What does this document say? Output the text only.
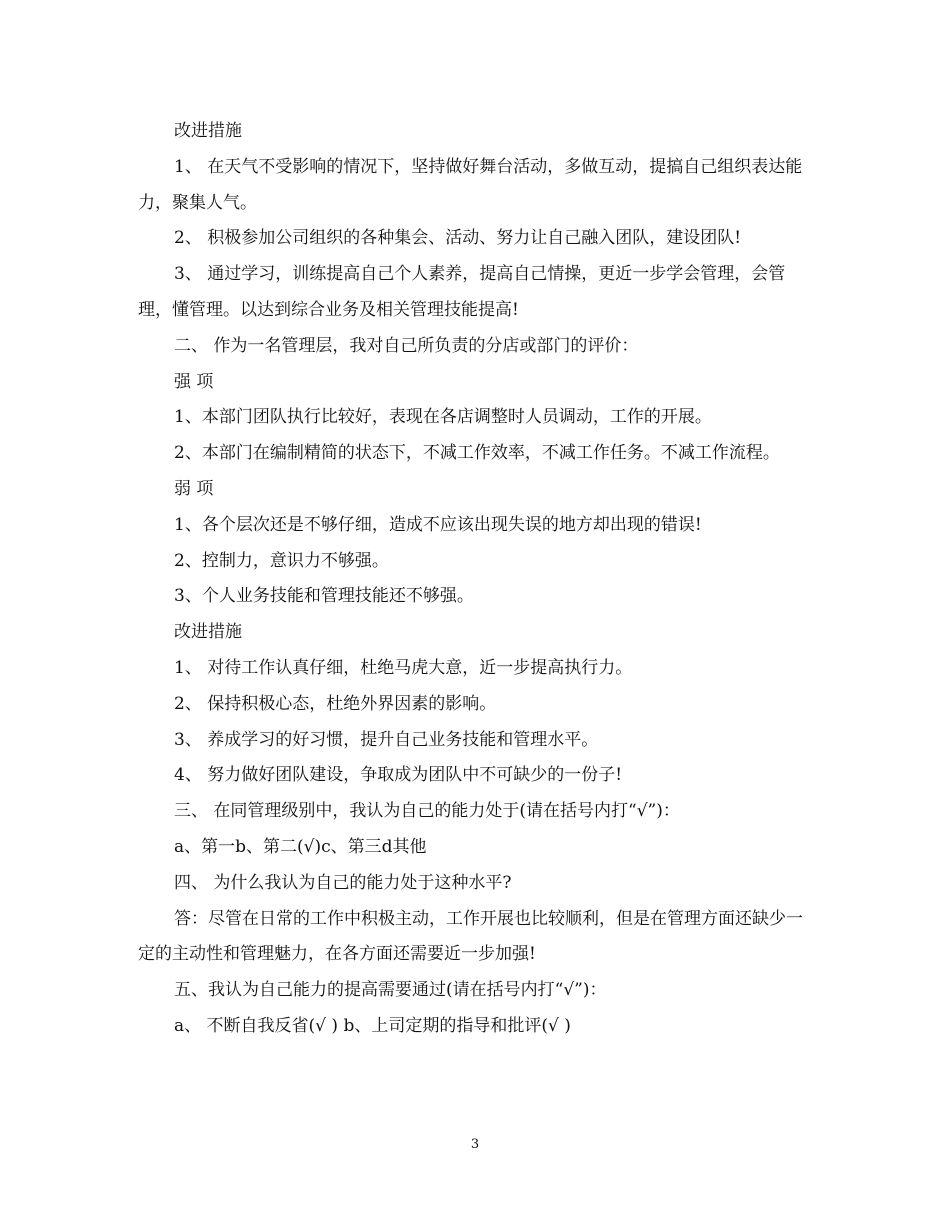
改进措施

1、 在天气不受影响的情况下，坚持做好舞台活动，多做互动，提搞自己组织表达能力，聚集人气。

2、 积极参加公司组织的各种集会、活动、努力让自己融入团队，建设团队!

3、 通过学习，训练提高自己个人素养，提高自己情操，更近一步学会管理，会管理，懂管理。以达到综合业务及相关管理技能提高!

二、 作为一名管理层，我对自己所负责的分店或部门的评价：

强 项

1、本部门团队执行比较好，表现在各店调整时人员调动，工作的开展。

2、本部门在编制精简的状态下，不减工作效率，不减工作任务。不减工作流程。

弱 项

1、各个层次还是不够仔细，造成不应该出现失误的地方却出现的错误!

2、控制力，意识力不够强。

3、个人业务技能和管理技能还不够强。

改进措施

1、 对待工作认真仔细，杜绝马虎大意，近一步提高执行力。

2、 保持积极心态，杜绝外界因素的影响。

3、 养成学习的好习惯，提升自己业务技能和管理水平。

4、 努力做好团队建设，争取成为团队中不可缺少的一份子!

三、 在同管理级别中，我认为自己的能力处于(请在括号内打“√”)：

a、第一b、第二(√)c、第三d其他

四、 为什么我认为自己的能力处于这种水平?

答：尽管在日常的工作中积极主动，工作开展也比较顺利，但是在管理方面还缺少一定的主动性和管理魅力，在各方面还需要近一步加强!

五、我认为自己能力的提高需要通过(请在括号内打“√”)：

a、 不断自我反省(√ ) b、上司定期的指导和批评(√ )

3
